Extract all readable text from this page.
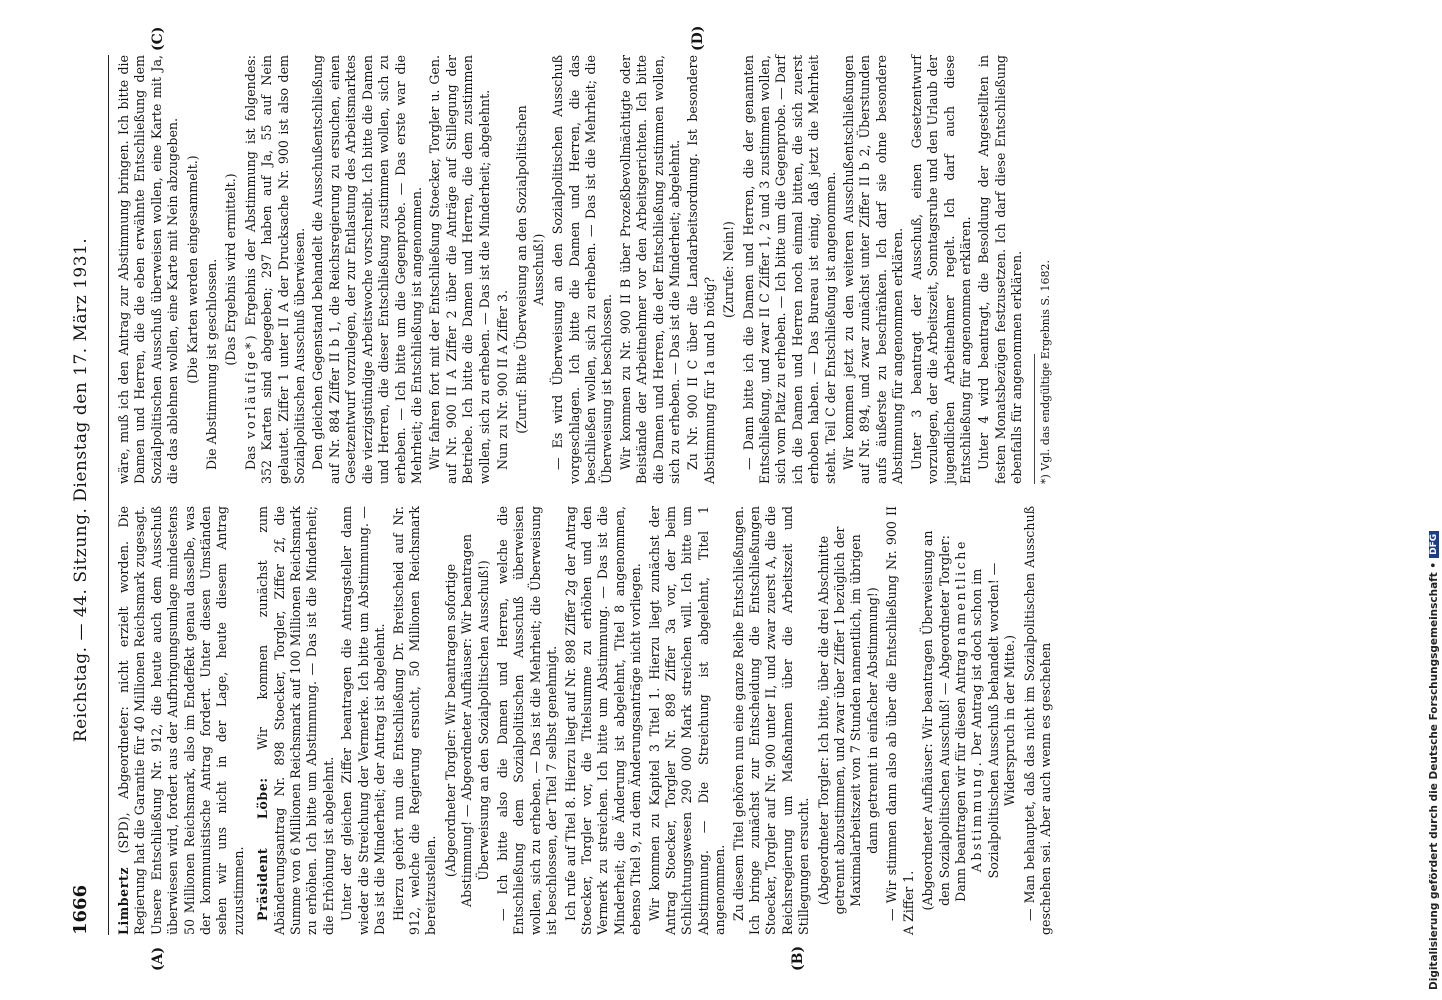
1666
Reichstag. — 44. Sitzung. Dienstag den 17. März 1931.

Limbertz (SPD), Abgeordneter: nicht erzielt worden. Die Regierung hat die Garantie für 40 Millionen Reichsmark zugesagt. Unsere Entschließung Nr. 912, die heute auch dem Ausschuß überwiesen wird, fordert aus der Aufbringungsumlage mindestens 50 Millionen Reichsmark, also im Endeffekt genau dasselbe, was der kommunistische Antrag fordert. Unter diesen Umständen sehen wir uns nicht in der Lage, heute diesem Antrag zuzustimmen. Präsident Löbe: Wir kommen zunächst zum Abänderungsantrag Nr. 898 Stoecker, Torgler, Ziffer 2f, die Summe von 6 Millionen Reichsmark auf 100 Millionen Reichsmark zu erhöhen. Ich bitte um Abstimmung. — Das ist die Minderheit; die Erhöhung ist abgelehnt. Unter der gleichen Ziffer beantragen die Antragsteller dann wieder die Streichung der Vermerke. Ich bitte um Abstimmung. — Das ist die Minderheit; der Antrag ist abgelehnt. Hierzu gehört nun die Entschließung Dr. Breitscheid auf Nr. 912, welche die Regierung ersucht, 50 Millionen Reichsmark bereitzustellen.

(Abgeordneter Torgler: Wir beantragen sofortige Abstimmung! — Abgeordneter Aufhäuser: Wir beantragen Überweisung an den Sozialpolitischen Ausschuß!) — Ich bitte also die Damen und Herren, welche die Entschließung dem Sozialpolitischen Ausschuß überweisen wollen, sich zu erheben. — Das ist die Mehrheit; die Überweisung ist beschlossen, der Titel 7 selbst genehmigt. Ich rufe auf Titel 8. Hierzu liegt auf Nr. 898 Ziffer 2g der Antrag Stoecker, Torgler vor, die Titelsumme zu erhöhen und den Vermerk zu streichen. Ich bitte um Abstimmung. — Das ist die Minderheit; die Änderung ist abgelehnt, Titel 8 angenommen, ebenso Titel 9, zu dem Änderungsanträge nicht vorliegen. Wir kommen zu Kapitel 3 Titel 1. Hierzu liegt zunächst der Antrag Stoecker, Torgler Nr. 898 Ziffer 3a vor, der beim Schlichtungswesen 290 000 Mark streichen will. Ich bitte um Abstimmung. — Die Streichung ist abgelehnt, Titel 1 angenommen. Zu diesem Titel gehören nun eine ganze Reihe Entschließungen. Ich bringe zunächst zur Entscheidung die Entschließungen Stoecker, Torgler auf Nr. 900 unter II, und zwar zuerst A, die die Reichsregierung um Maßnahmen über die Arbeitszeit und Stillegungen ersucht. (Abgeordneter Torgler: Ich bitte, über die drei Abschnitte getrennt abzustimmen, und zwar über Ziffer 1 bezüglich der Maximalarbeitszeit von 7 Stunden namentlich, im übrigen dann getrennt in einfacher Abstimmung!) — Wir stimmen dann also ab über die Entschließung Nr. 900 II A Ziffer 1. (Abgeordneter Aufhäuser: Wir beantragen Überweisung an den Sozialpolitischen Ausschuß! — Abgeordneter Torgler: Dann beantragen wir für diesen Antrag namentliche Abstimmung. Der Antrag ist doch schon im Sozialpolitischen Ausschuß behandelt worden! — Widerspruch in der Mitte.) — Man behauptet, daß das nicht im Sozialpolitischen Ausschuß geschehen sei. Aber auch wenn es geschehen

wäre, muß ich den Antrag zur Abstimmung bringen. Ich bitte die Damen und Herren, die die eben erwähnte Entschließung dem Sozialpolitischen Ausschuß überweisen wollen, eine Karte mit Ja, die das ablehnen wollen, eine Karte mit Nein abzugeben. (Die Karten werden eingesammelt.) Die Abstimmung ist geschlossen. (Das Ergebnis wird ermittelt.)

Das vorläufige*) Ergebnis der Abstimmung ist folgendes: 352 Karten sind abgegeben; 297 haben auf Ja, 55 auf Nein gelautet. Ziffer 1 unter II A der Drucksache Nr. 900 ist also dem Sozialpolitischen Ausschuß überwiesen. Den gleichen Gegenstand behandelt die Ausschußentschließung auf Nr. 884 Ziffer II b 1, die Reichsregierung zu ersuchen, einen Gesetzentwurf vorzulegen, der zur Entlastung des Arbeitsmarktes die vierzigstündige Arbeitswoche vorschreibt. Ich bitte die Damen und Herren, die dieser Entschließung zustimmen wollen, sich zu erheben. — Ich bitte um die Gegenprobe. — Das erste war die Mehrheit; die Entschließung ist angenommen. Wir fahren fort mit der Entschließung Stoecker, Torgler u. Gen. auf Nr. 900 II A Ziffer 2 über die Anträge auf Stillegung der Betriebe. Ich bitte die Damen und Herren, die dem zustimmen wollen, sich zu erheben. — Das ist die Minderheit; abgelehnt. Nun zu Nr. 900 II A Ziffer 3. (Zuruf: Bitte Überweisung an den Sozialpolitischen Ausschuß!) — Es wird Überweisung an den Sozialpolitischen Ausschuß vorgeschlagen. Ich bitte die Damen und Herren, die das beschließen wollen, sich zu erheben. — Das ist die Mehrheit; die Überweisung ist beschlossen. Wir kommen zu Nr. 900 II B über Prozeßbevollmächtigte oder Beistände der Arbeitnehmer vor den Arbeitsgerichten. Ich bitte die Damen und Herren, die der Entschließung zustimmen wollen, sich zu erheben. — Das ist die Minderheit; abgelehnt. Zu Nr. 900 II C über die Landarbeitsordnung. Ist besondere Abstimmung für 1a und b nötig?

(Zurufe: Nein!) — Dann bitte ich die Damen und Herren, die der genannten Entschließung, und zwar II C Ziffer 1, 2 und 3 zustimmen wollen, sich vom Platz zu erheben. — Ich bitte um die Gegenprobe. — Darf ich die Damen und Herren noch einmal bitten, die sich zuerst erhoben haben. — Das Bureau ist einig, daß jetzt die Mehrheit steht. Teil C der Entschließung ist angenommen. Wir kommen jetzt zu den weiteren Ausschußentschließungen auf Nr. 894, und zwar zunächst unter Ziffer II b 2, Überstunden aufs äußerste zu beschränken. Ich darf sie ohne besondere Abstimmung für angenommen erklären. Unter 3 beantragt der Ausschuß, einen Gesetzentwurf vorzulegen, der die Arbeitszeit, Sonntagsruhe und den Urlaub der jugendlichen Arbeitnehmer regelt. Ich darf auch diese Entschließung für angenommen erklären. Unter 4 wird beantragt, die Besoldung der Angestellten in festen Monatsbezügen festzusetzen. Ich darf diese Entschließung ebenfalls für angenommen erklären. *) Vgl. das endgültige Ergebnis S. 1682.

(A)	(B)
(C)	(D)
Digitalisierung gefördert durch die Deutsche Forschungsgemeinschaft •
DFG
